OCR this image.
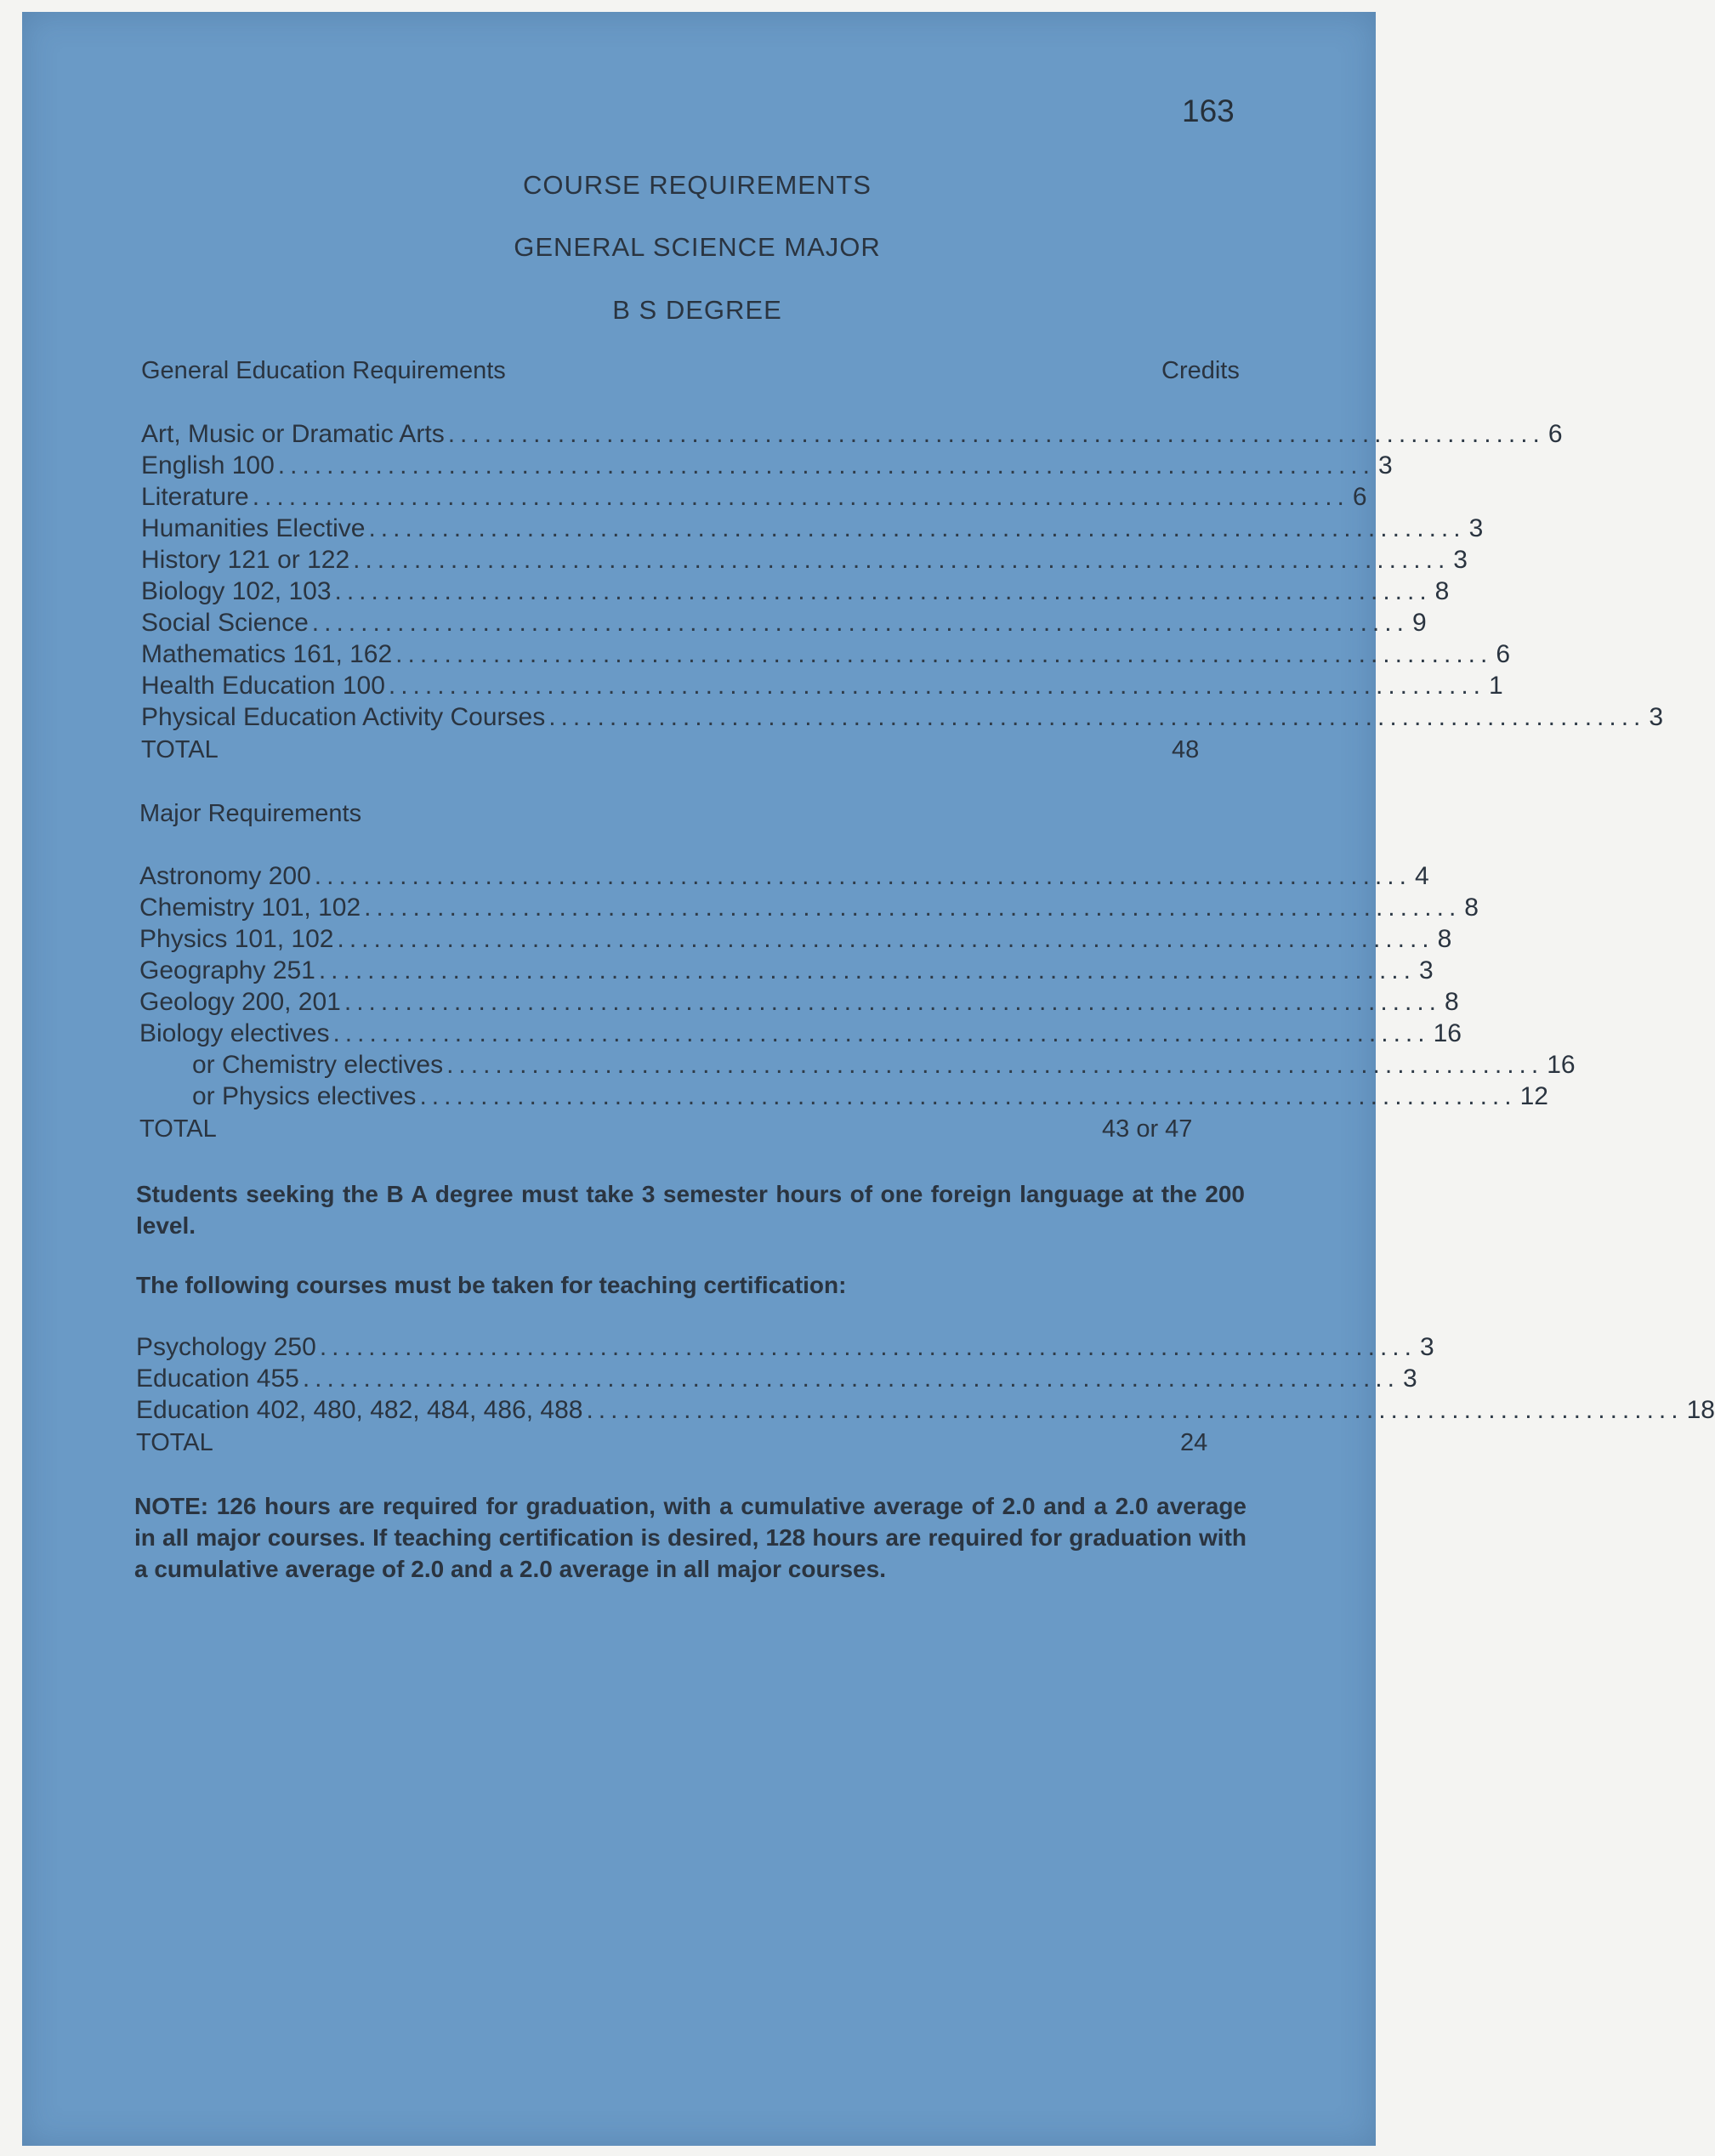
163
COURSE REQUIREMENTS
GENERAL SCIENCE MAJOR
B S DEGREE
General Education Requirements	Credits
Art, Music or Dramatic Arts .......................................................................................... 6
English 100 .......................................................................................... 3
Literature .......................................................................................... 6
Humanities Elective .......................................................................................... 3
History 121 or 122 .......................................................................................... 3
Biology 102, 103 .......................................................................................... 8
Social Science .......................................................................................... 9
Mathematics 161, 162 .......................................................................................... 6
Health Education 100 .......................................................................................... 1
Physical Education Activity Courses .......................................................................................... 3
TOTAL	48
Major Requirements
Astronomy 200 .......................................................................................... 4
Chemistry 101, 102 .......................................................................................... 8
Physics 101, 102 .......................................................................................... 8
Geography 251 .......................................................................................... 3
Geology 200, 201 .......................................................................................... 8
Biology electives .......................................................................................... 16
or Chemistry electives .......................................................................................... 16
or Physics electives .......................................................................................... 12
TOTAL	43 or 47
Students seeking the B A degree must take 3 semester hours of one foreign language at the 200 level.
The following courses must be taken for teaching certification:
Psychology 250 .......................................................................................... 3
Education 455 .......................................................................................... 3
Education 402, 480, 482, 484, 486, 488 .......................................................................................... 18
TOTAL	24
NOTE: 126 hours are required for graduation, with a cumulative average of 2.0 and a 2.0 average in all major courses. If teaching certification is desired, 128 hours are required for graduation with a cumulative average of 2.0 and a 2.0 average in all major courses.
